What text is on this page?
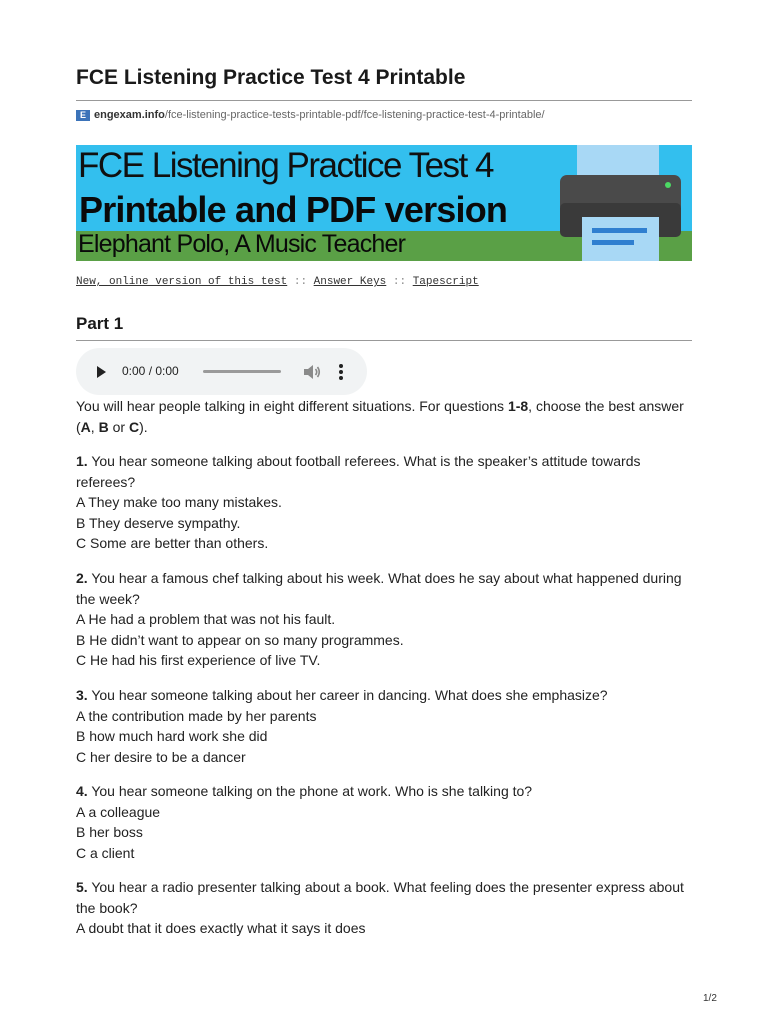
FCE Listening Practice Test 4 Printable
E engexam.info /fce-listening-practice-tests-printable-pdf/fce-listening-practice-test-4-printable/
FCE Listening Practice Test 4
Printable and PDF version
Elephant Polo, A Music Teacher
New, online version of this test :: Answer Keys :: Tapescript
Part 1
0:00 / 0:00

You will hear people talking in eight different situations. For questions 1-8, choose the best answer (A, B or C).

1. You hear someone talking about football referees. What is the speaker’s attitude towards referees?

A They make too many mistakes.
B They deserve sympathy.
C Some are better than others.

2. You hear a famous chef talking about his week. What does he say about what happened during the week?

A He had a problem that was not his fault.
B He didn’t want to appear on so many programmes.
C He had his first experience of live TV.

3. You hear someone talking about her career in dancing. What does she emphasize?

A the contribution made by her parents
B how much hard work she did
C her desire to be a dancer

4. You hear someone talking on the phone at work. Who is she talking to?

A a colleague
B her boss
C a client

5. You hear a radio presenter talking about a book. What feeling does the presenter express about the book?

A doubt that it does exactly what it says it does
1/2
